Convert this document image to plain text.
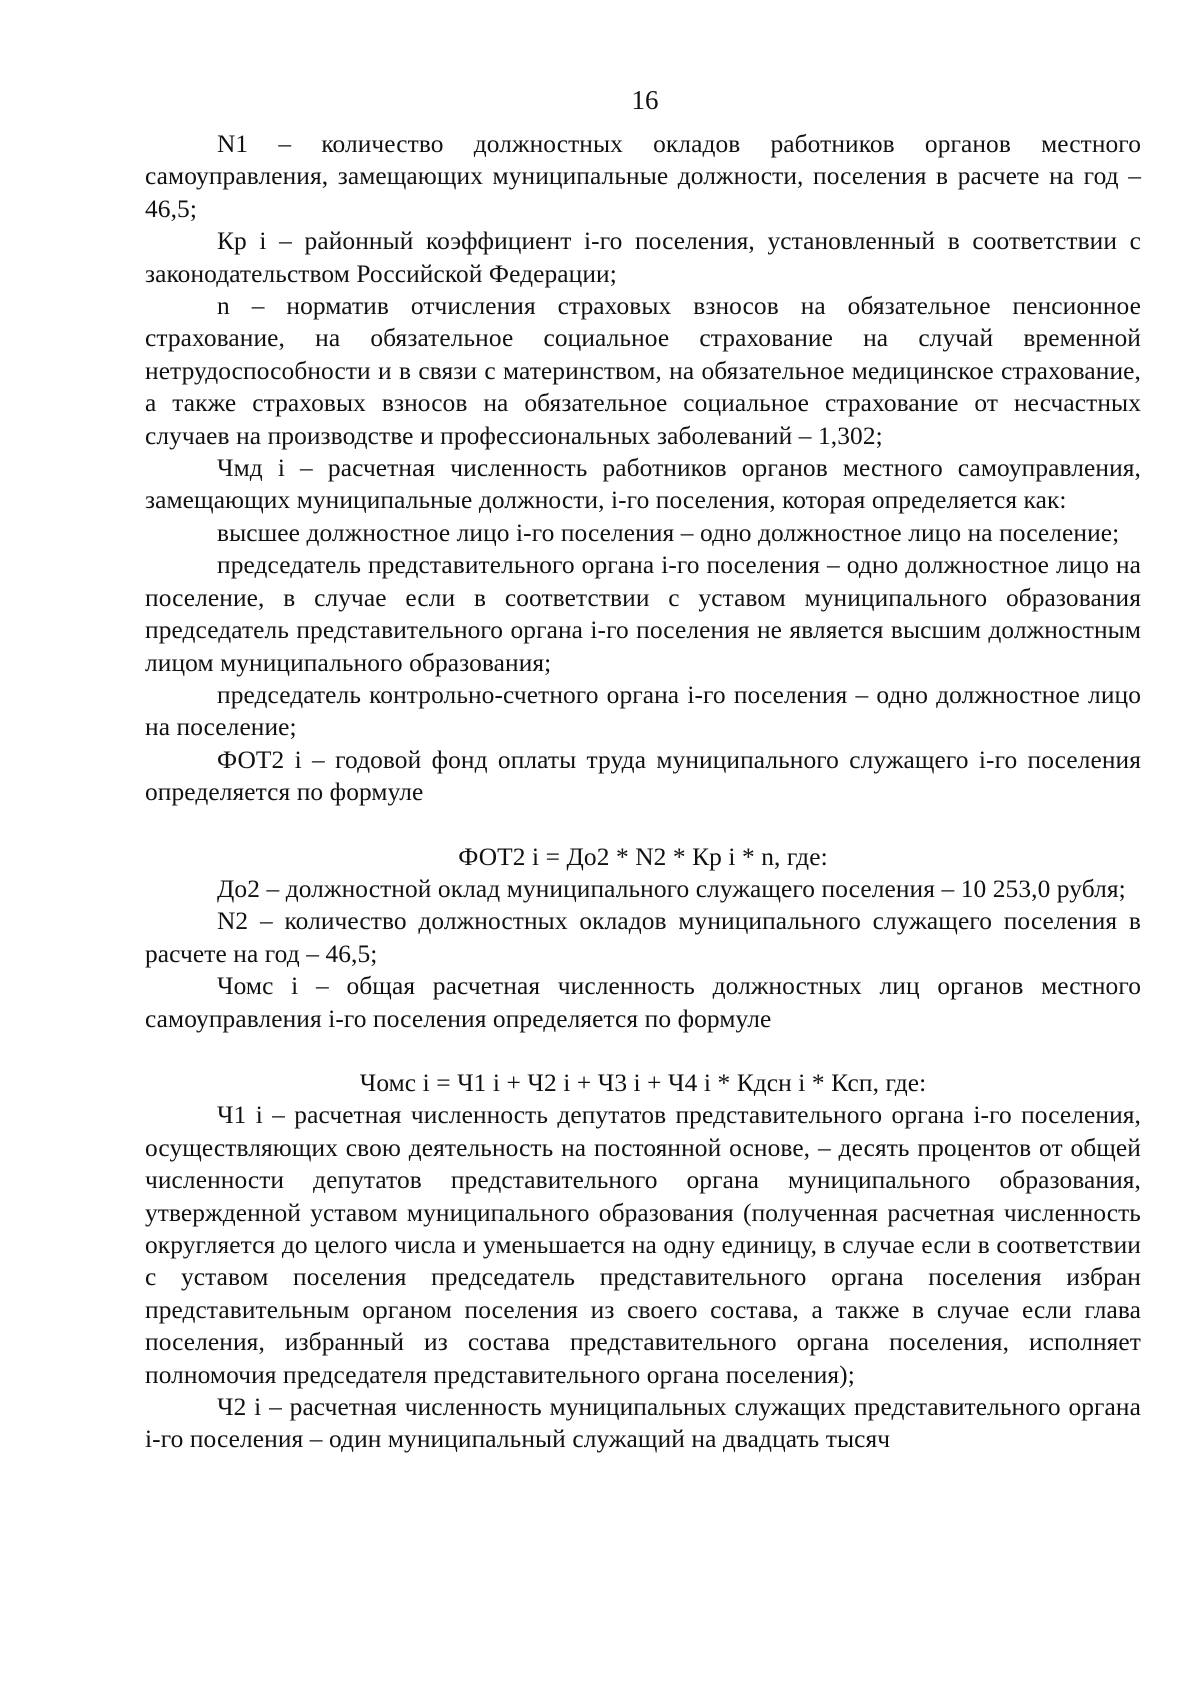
16

N1 – количество должностных окладов работников органов местного самоуправления, замещающих муниципальные должности, поселения в расчете на год – 46,5;

Кр i – районный коэффициент i-го поселения, установленный в соответствии с законодательством Российской Федерации;

n – норматив отчисления страховых взносов на обязательное пенсионное страхование, на обязательное социальное страхование на случай временной нетрудоспособности и в связи с материнством, на обязательное медицинское страхование, а также страховых взносов на обязательное социальное страхование от несчастных случаев на производстве и профессиональных заболеваний – 1,302;

Чмд i – расчетная численность работников органов местного самоуправления, замещающих муниципальные должности, i-го поселения, которая определяется как:

высшее должностное лицо i-го поселения – одно должностное лицо на поселение;

председатель представительного органа i-го поселения – одно должностное лицо на поселение, в случае если в соответствии с уставом муниципального образования председатель представительного органа i-го поселения не является высшим должностным лицом муниципального образования;

председатель контрольно-счетного органа i-го поселения – одно должностное лицо на поселение;

ФОТ2 i – годовой фонд оплаты труда муниципального служащего i-го поселения определяется по формуле

ФОТ2 i = До2 * N2 * Кр i * n, где:

До2 – должностной оклад муниципального служащего поселения – 10 253,0 рубля;

N2 – количество должностных окладов муниципального служащего поселения в расчете на год – 46,5;

Чомс i – общая расчетная численность должностных лиц органов местного самоуправления i-го поселения определяется по формуле

Чомс i = Ч1 i + Ч2 i + Ч3 i + Ч4 i * Кдсн i * Ксп, где:

Ч1 i – расчетная численность депутатов представительного органа i-го поселения, осуществляющих свою деятельность на постоянной основе, – десять процентов от общей численности депутатов представительного органа муниципального образования, утвержденной уставом муниципального образования (полученная расчетная численность округляется до целого числа и уменьшается на одну единицу, в случае если в соответствии с уставом поселения председатель представительного органа поселения избран представительным органом поселения из своего состава, а также в случае если глава поселения, избранный из состава представительного органа поселения, исполняет полномочия председателя представительного органа поселения);

Ч2 i – расчетная численность муниципальных служащих представительного органа i-го поселения – один муниципальный служащий на двадцать тысяч
